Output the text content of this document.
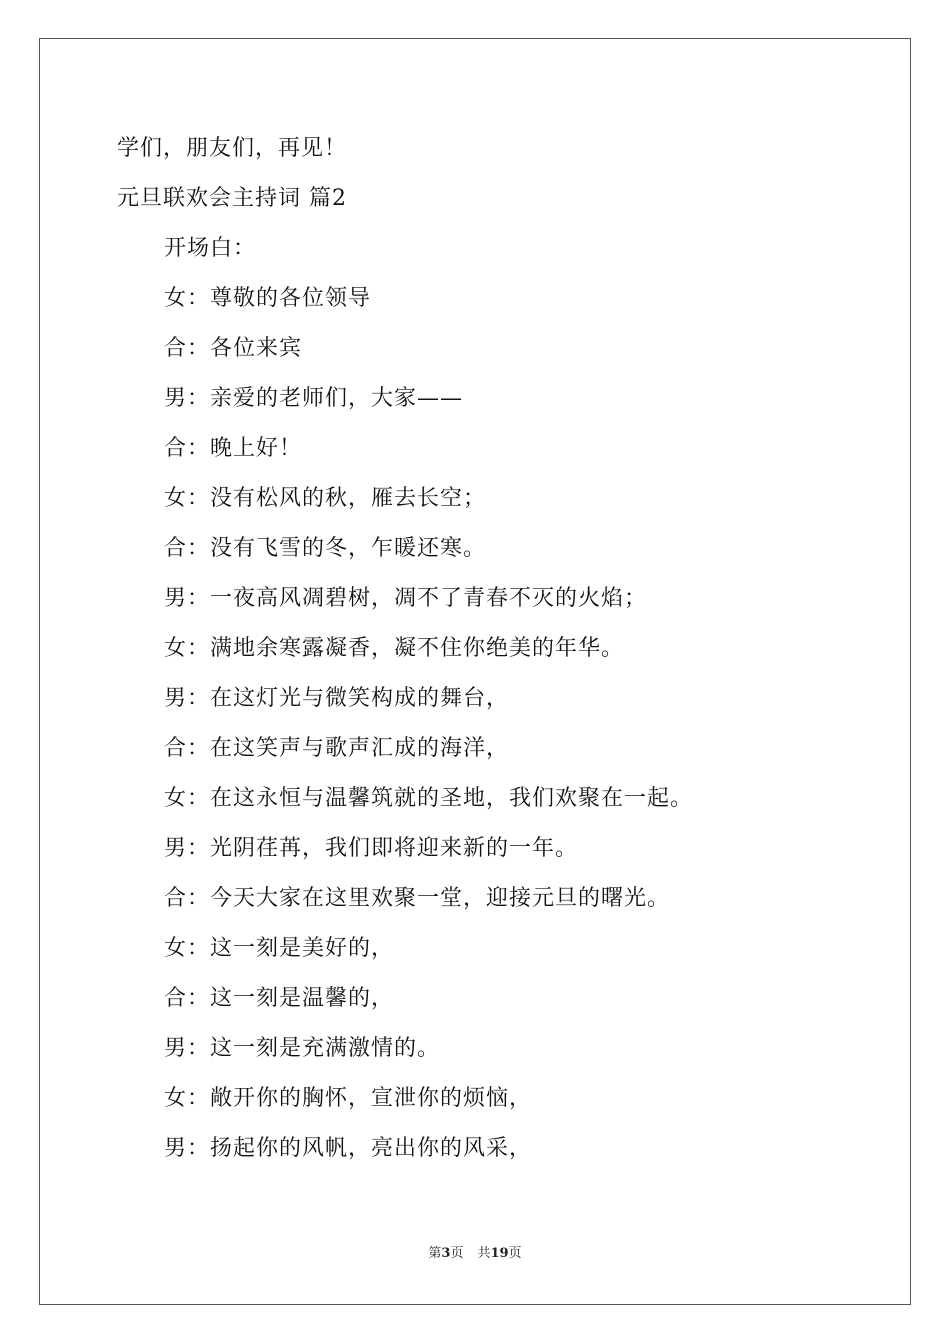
学们，朋友们，再见！
元旦联欢会主持词 篇2
开场白：
女：尊敬的各位领导
合：各位来宾
男：亲爱的老师们，大家——
合：晚上好！
女：没有松风的秋，雁去长空；
合：没有飞雪的冬，乍暖还寒。
男：一夜高风凋碧树，凋不了青春不灭的火焰；
女：满地余寒露凝香，凝不住你绝美的年华。
男：在这灯光与微笑构成的舞台，
合：在这笑声与歌声汇成的海洋，
女：在这永恒与温馨筑就的圣地，我们欢聚在一起。
男：光阴荏苒，我们即将迎来新的一年。
合：今天大家在这里欢聚一堂，迎接元旦的曙光。
女：这一刻是美好的，
合：这一刻是温馨的，
男：这一刻是充满激情的。
女：敞开你的胸怀，宣泄你的烦恼，
男：扬起你的风帆，亮出你的风采，
第3页 共19页
